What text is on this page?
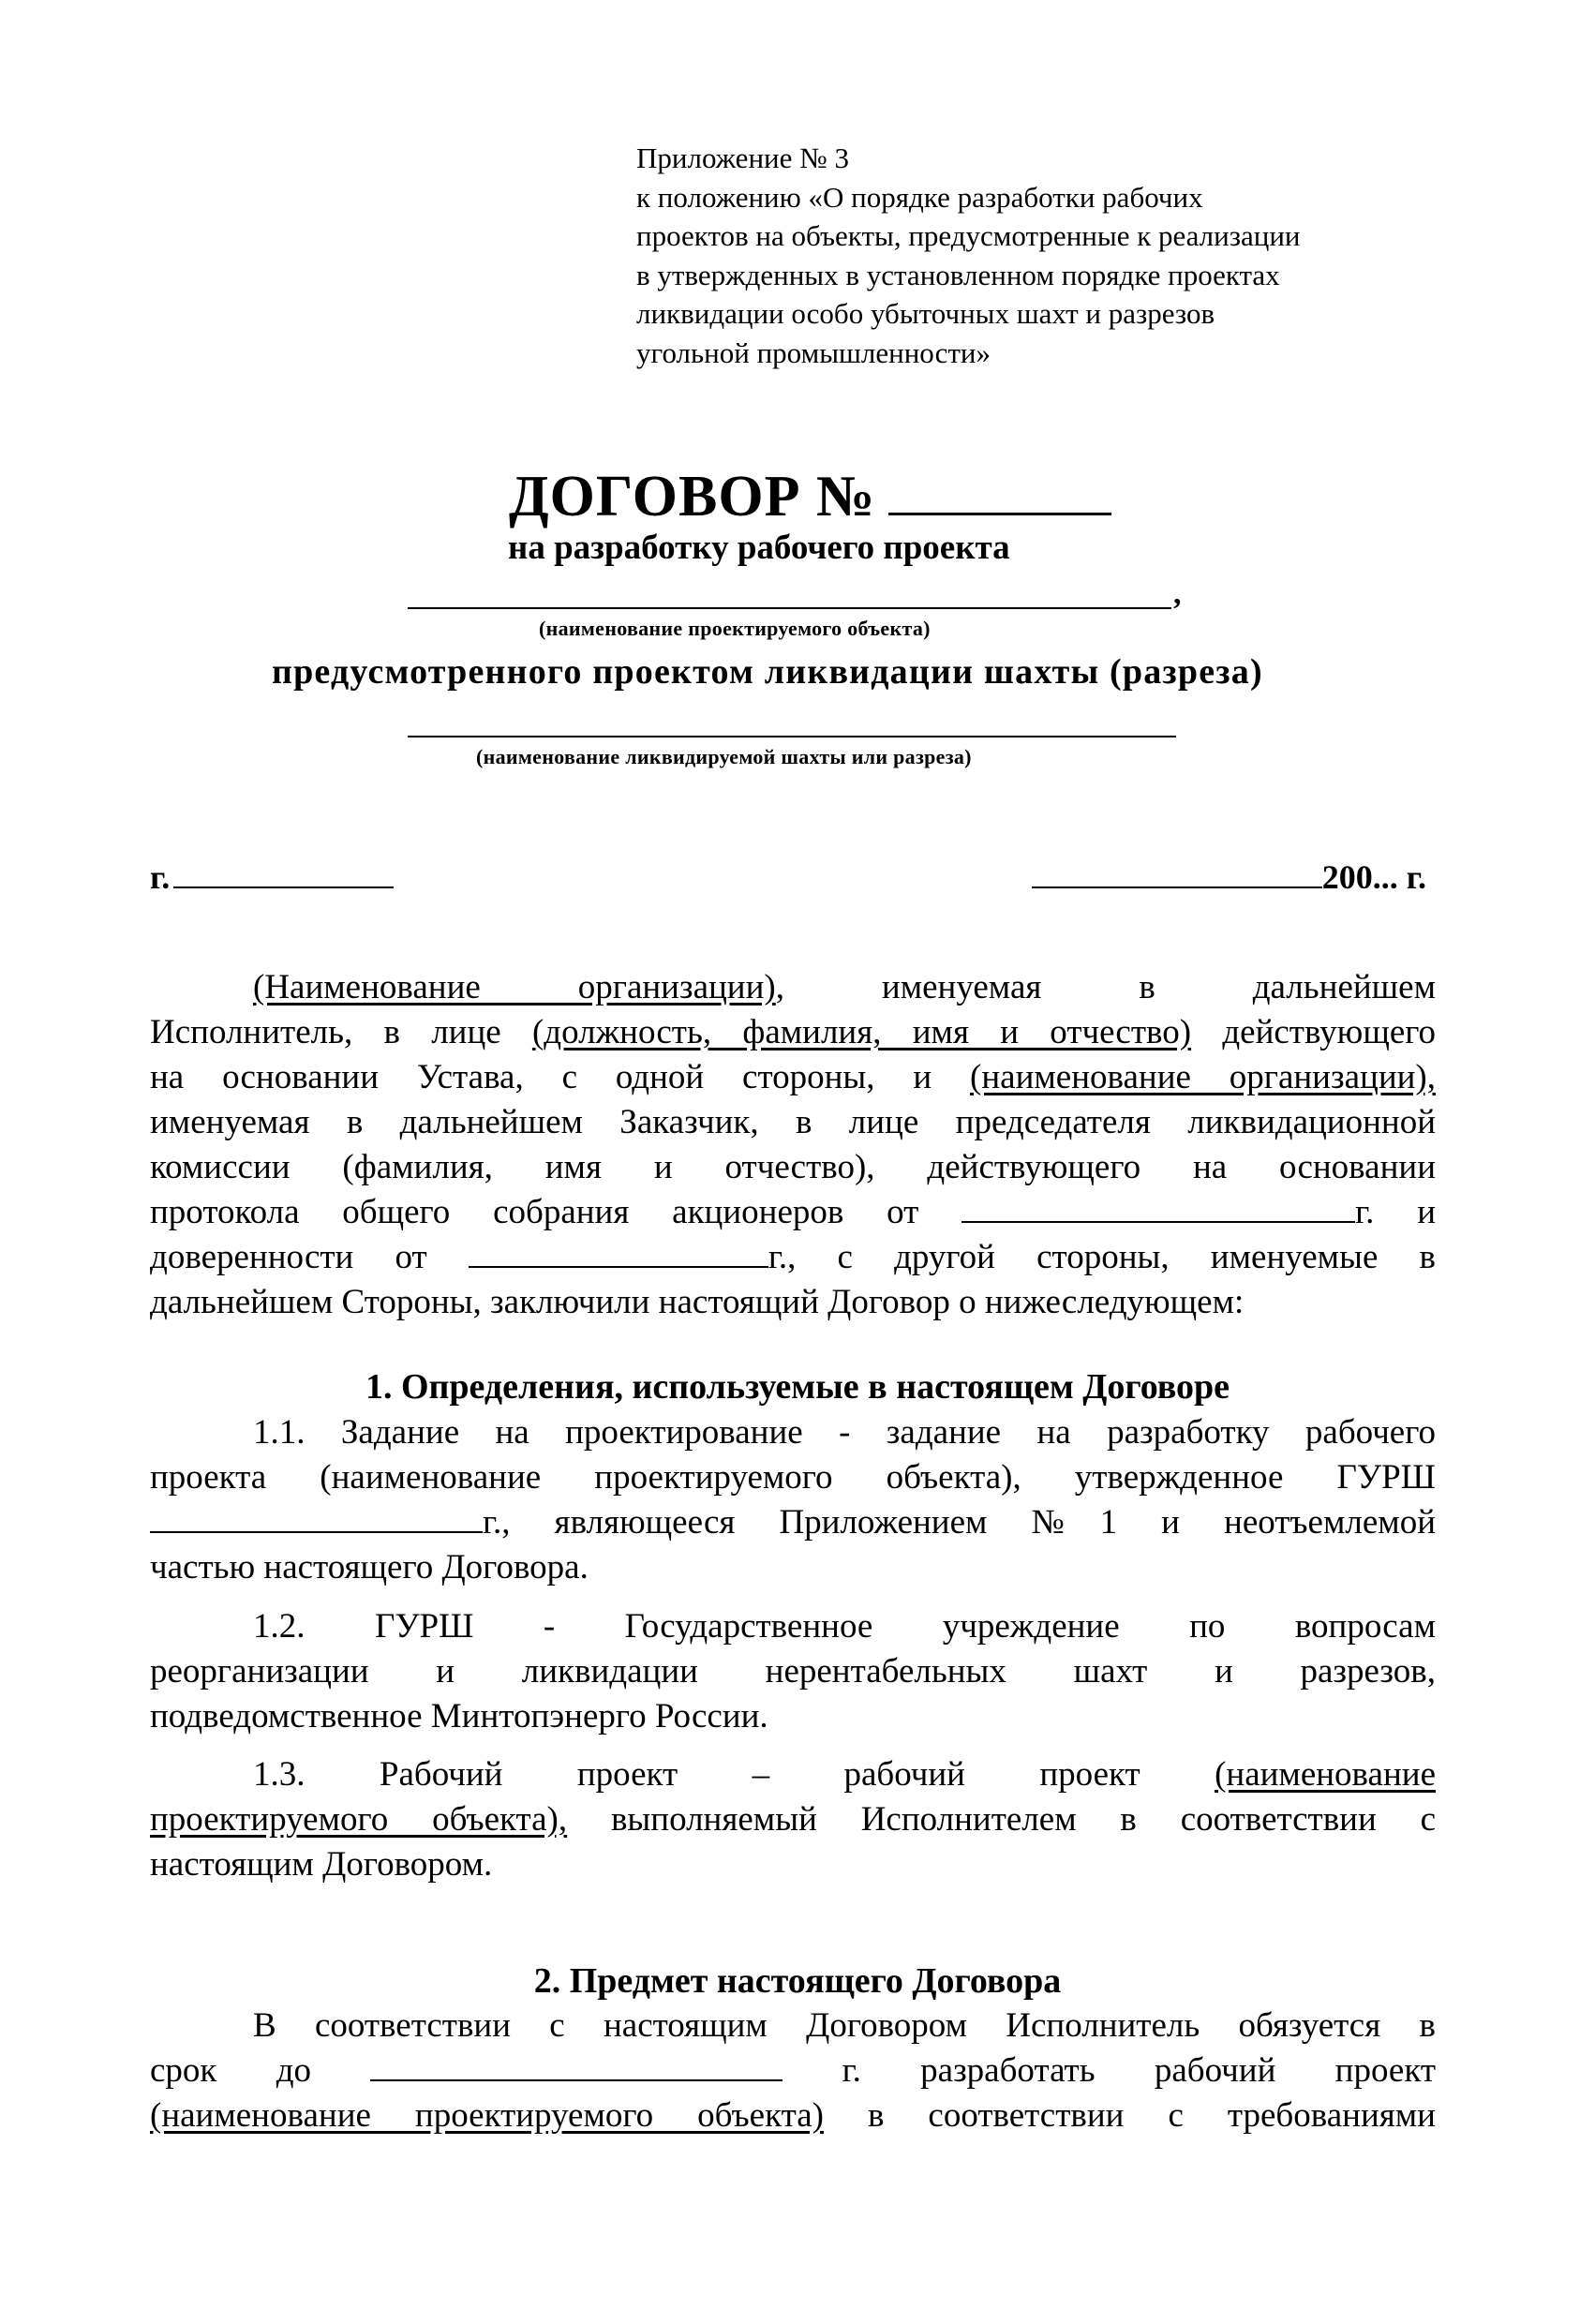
Приложение № 3
к положению «О порядке разработки рабочих
проектов на объекты, предусмотренные к реализации
в утвержденных в установленном порядке проектах
ликвидации особо убыточных шахт и разрезов
угольной промышленности»
ДОГОВОР №
на разработку рабочего проекта
,
(наименование проектируемого объекта)
предусмотренного проектом ликвидации шахты (разреза)
(наименование ликвидируемой шахты или разреза)
г.	200... г.

(Наименование организации), именуемая в дальнейшем

Исполнитель, в лице (должность, фамилия, имя и отчество) действующего

на основании Устава, с одной стороны, и (наименование организации),

именуемая в дальнейшем Заказчик, в лице председателя ликвидационной

комиссии (фамилия, имя и отчество), действующего на основании

протокола общего собрания акционеров от	г. и

доверенности от	г., с другой стороны, именуемые в

дальнейшем Стороны, заключили настоящий Договор о нижеследующем:

1. Определения, используемые в настоящем Договоре

1.1. Задание на проектирование - задание на разработку рабочего

проекта (наименование проектируемого объекта), утвержденное ГУРШ

г., являющееся Приложением №1 и неотъемлемой

частью настоящего Договора.

1.2. ГУРШ - Государственное учреждение по вопросам

реорганизации и ликвидации нерентабельных шахт и разрезов,

подведомственное Минтопэнерго России.

1.3. Рабочий проект – рабочий проект (наименование

проектируемого объекта), выполняемый Исполнителем в соответствии с

настоящим Договором.

2. Предмет настоящего Договора

В соответствии с настоящим Договором Исполнитель обязуется в

срок до	г. разработать рабочий проект

(наименование проектируемого объекта) в соответствии с требованиями
